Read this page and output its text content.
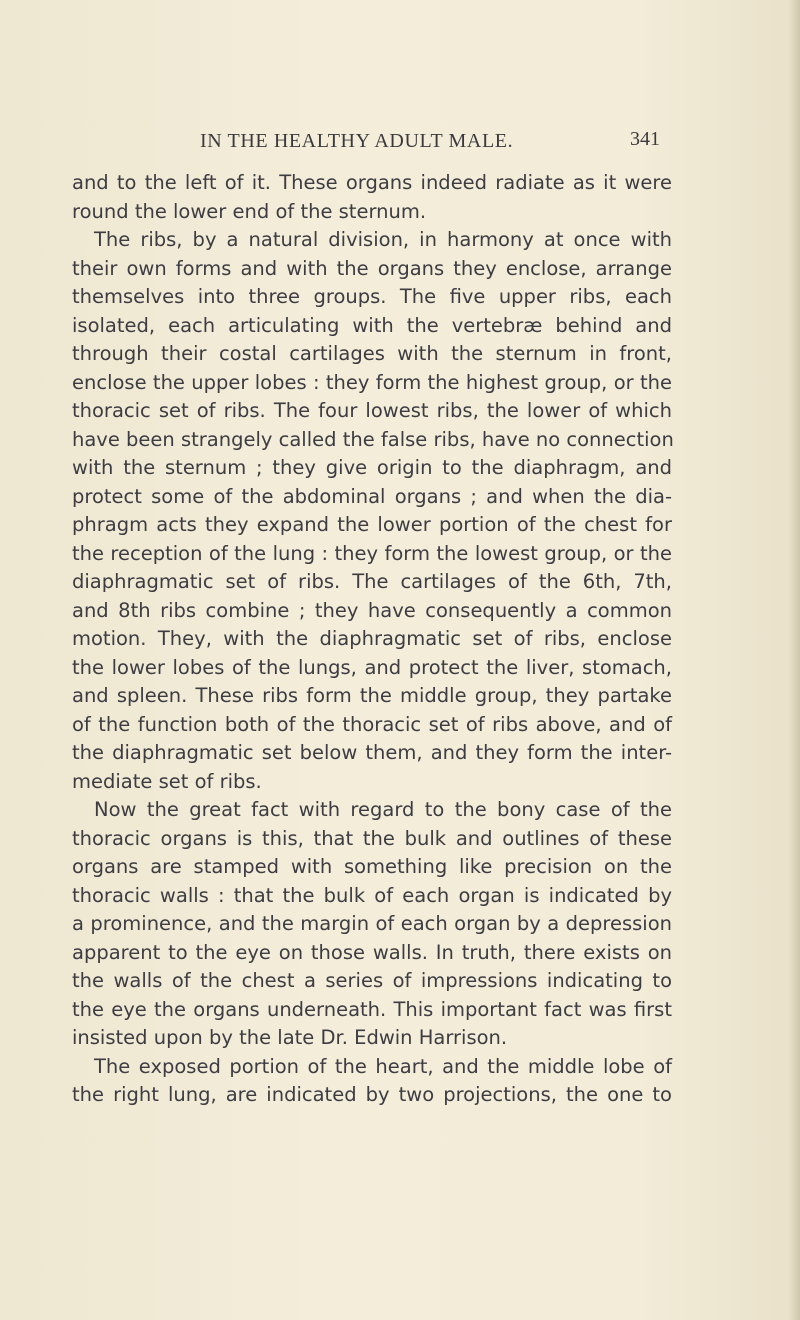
IN THE HEALTHY ADULT MALE.	341
and to the left of it. These organs indeed radiate as it were
round the lower end of the sternum.
The ribs, by a natural division, in harmony at once with
their own forms and with the organs they enclose, arrange
themselves into three groups. The five upper ribs, each
isolated, each articulating with the vertebræ behind and
through their costal cartilages with the sternum in front,
enclose the upper lobes : they form the highest group, or the
thoracic set of ribs. The four lowest ribs, the lower of which
have been strangely called the false ribs, have no connection
with the sternum ; they give origin to the diaphragm, and
protect some of the abdominal organs ; and when the dia-
phragm acts they expand the lower portion of the chest for
the reception of the lung : they form the lowest group, or the
diaphragmatic set of ribs. The cartilages of the 6th, 7th,
and 8th ribs combine ; they have consequently a common
motion. They, with the diaphragmatic set of ribs, enclose
the lower lobes of the lungs, and protect the liver, stomach,
and spleen. These ribs form the middle group, they partake
of the function both of the thoracic set of ribs above, and of
the diaphragmatic set below them, and they form the inter-
mediate set of ribs.
Now the great fact with regard to the bony case of the
thoracic organs is this, that the bulk and outlines of these
organs are stamped with something like precision on the
thoracic walls : that the bulk of each organ is indicated by
a prominence, and the margin of each organ by a depression
apparent to the eye on those walls. In truth, there exists on
the walls of the chest a series of impressions indicating to
the eye the organs underneath. This important fact was first
insisted upon by the late Dr. Edwin Harrison.
The exposed portion of the heart, and the middle lobe of
the right lung, are indicated by two projections, the one to
